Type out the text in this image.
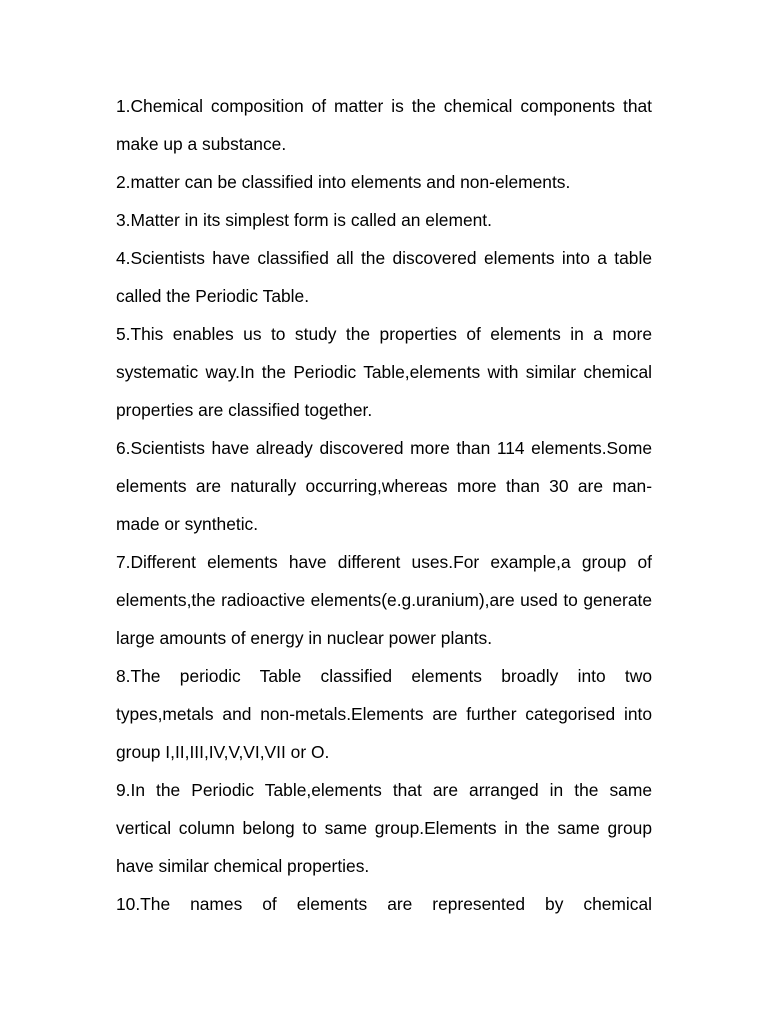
1.Chemical composition of matter is the chemical components that make up a substance.

2.matter can be classified into elements and non-elements.

3.Matter in its simplest form is called an element.

4.Scientists have classified all the discovered elements into a table called the Periodic Table.

5.This enables us to study the properties of elements in a more systematic way.In the Periodic Table,elements with similar chemical properties are classified together.

6.Scientists have already discovered more than 114 elements.Some elements are naturally occurring,whereas more than 30 are man-made or synthetic.

7.Different elements have different uses.For example,a group of elements,the radioactive elements(e.g.uranium),are used to generate large amounts of energy in nuclear power plants.

8.The periodic Table classified elements broadly into two types,metals and non-metals.Elements are further categorised into group I,II,III,IV,V,VI,VII or O.

9.In the Periodic Table,elements that are arranged in the same vertical column belong to same group.Elements in the same group have similar chemical properties.

10.The names of elements are represented by chemical
